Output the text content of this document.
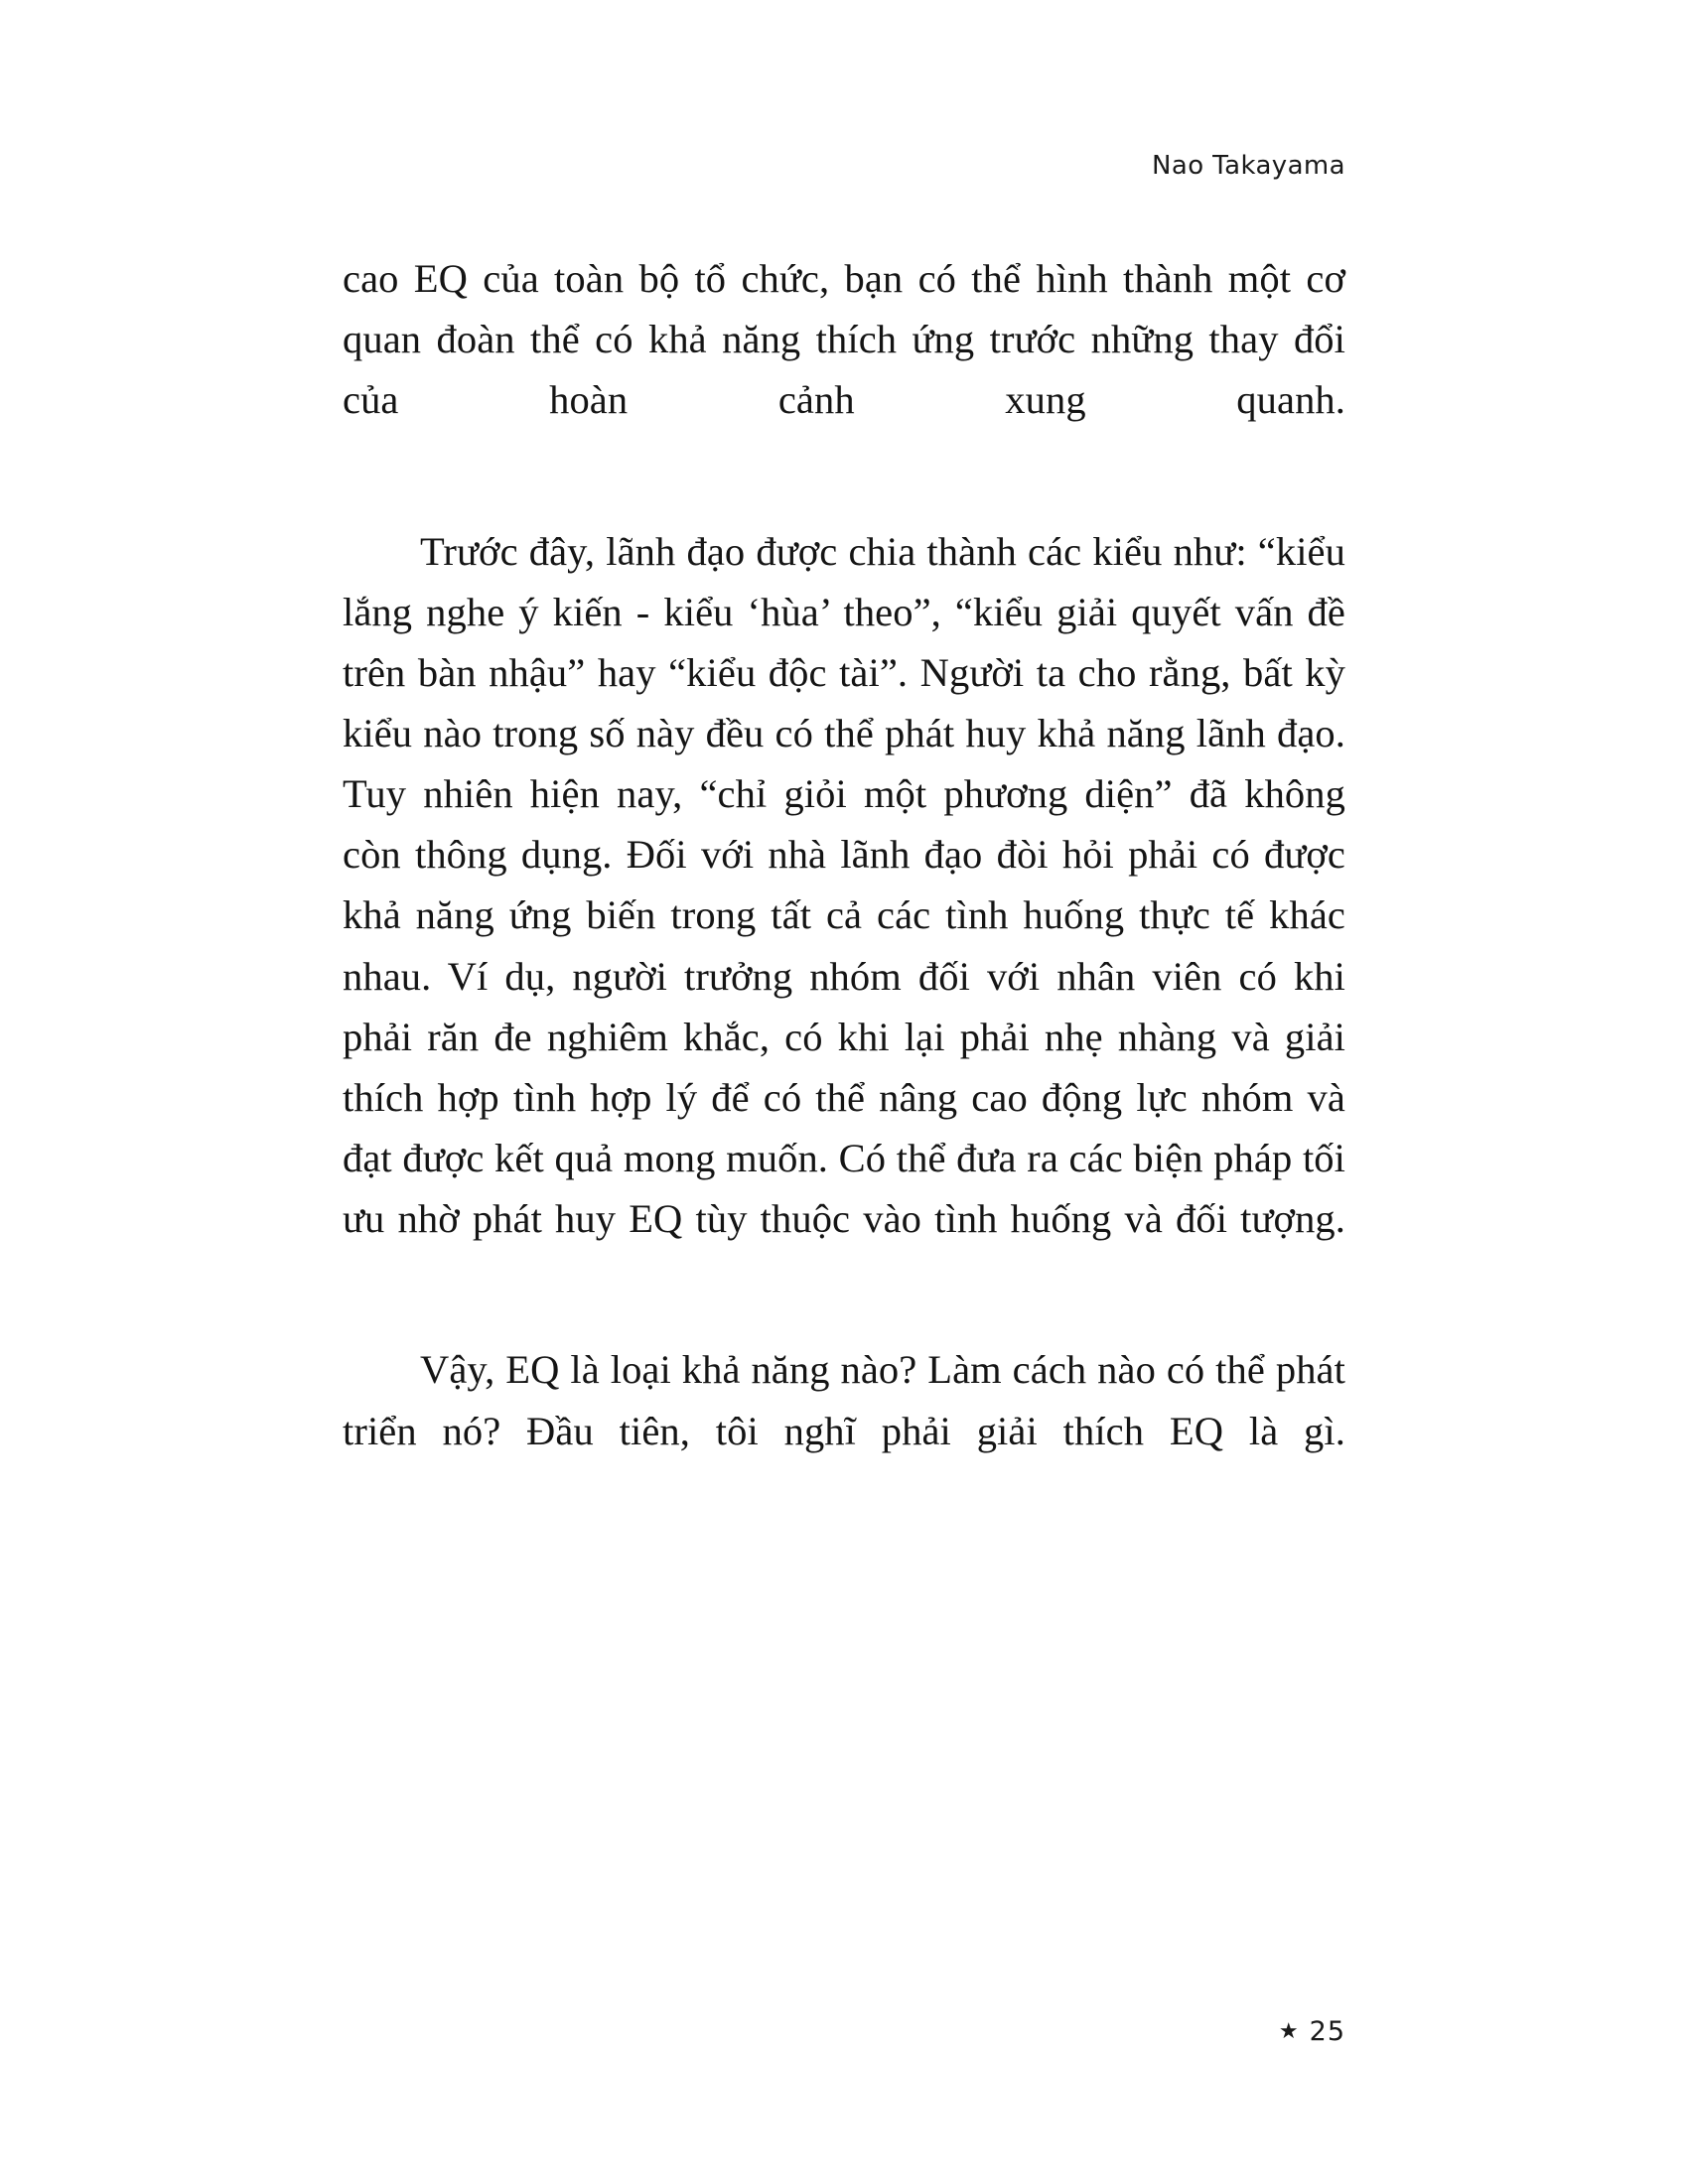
Nao Takayama

cao EQ của toàn bộ tổ chức, bạn có thể hình thành một cơ quan đoàn thể có khả năng thích ứng trước những thay đổi của hoàn cảnh xung quanh.

Trước đây, lãnh đạo được chia thành các kiểu như: “kiểu lắng nghe ý kiến - kiểu ‘hùa’ theo”, “kiểu giải quyết vấn đề trên bàn nhậu” hay “kiểu độc tài”. Người ta cho rằng, bất kỳ kiểu nào trong số này đều có thể phát huy khả năng lãnh đạo. Tuy nhiên hiện nay, “chỉ giỏi một phương diện” đã không còn thông dụng. Đối với nhà lãnh đạo đòi hỏi phải có được khả năng ứng biến trong tất cả các tình huống thực tế khác nhau. Ví dụ, người trưởng nhóm đối với nhân viên có khi phải răn đe nghiêm khắc, có khi lại phải nhẹ nhàng và giải thích hợp tình hợp lý để có thể nâng cao động lực nhóm và đạt được kết quả mong muốn. Có thể đưa ra các biện pháp tối ưu nhờ phát huy EQ tùy thuộc vào tình huống và đối tượng.

Vậy, EQ là loại khả năng nào? Làm cách nào có thể phát triển nó? Đầu tiên, tôi nghĩ phải giải thích EQ là gì.

★ 25
